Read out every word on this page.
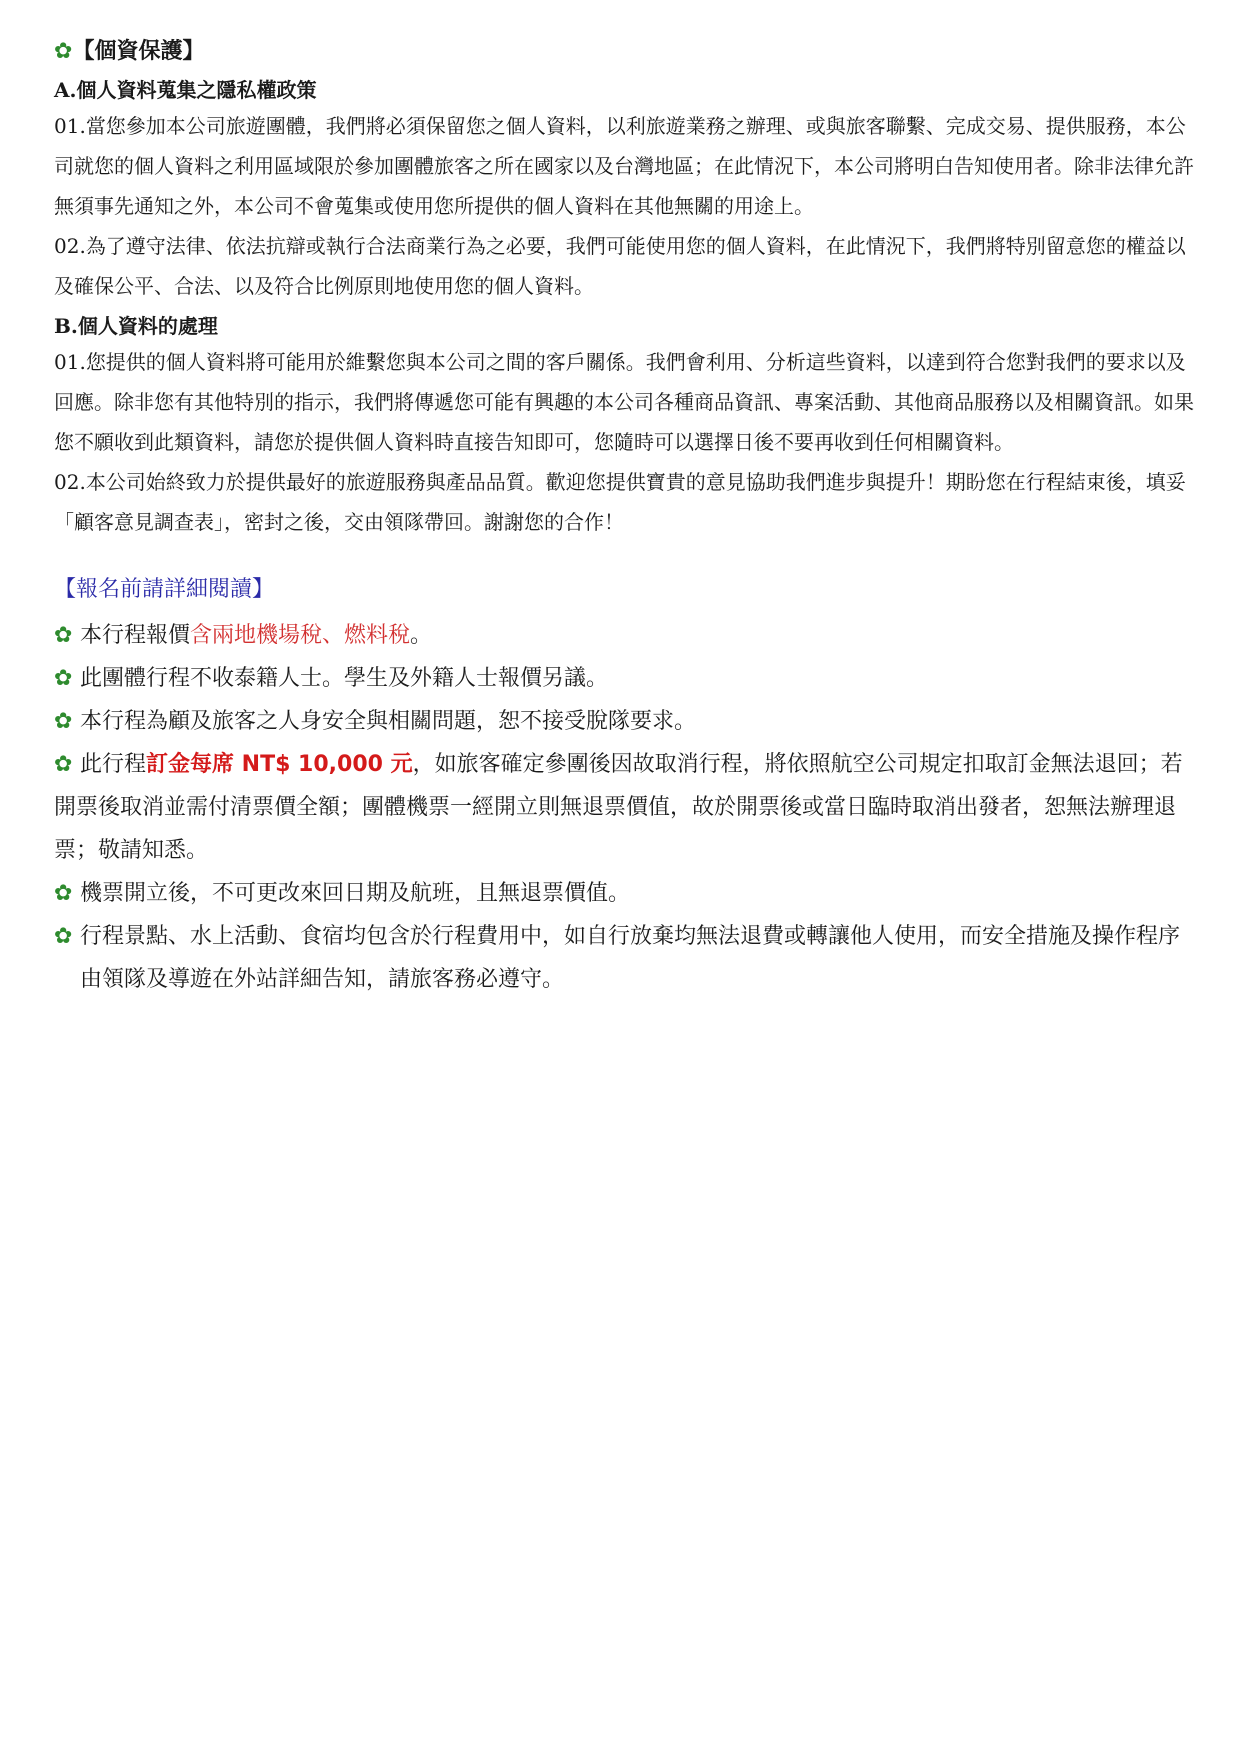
✿【個資保護】
A.個人資料蒐集之隱私權政策

01.當您參加本公司旅遊團體，我們將必須保留您之個人資料，以利旅遊業務之辦理、或與旅客聯繫、完成交易、提供服務，本公司就您的個人資料之利用區域限於參加團體旅客之所在國家以及台灣地區；在此情況下，本公司將明白告知使用者。除非法律允許無須事先通知之外，本公司不會蒐集或使用您所提供的個人資料在其他無關的用途上。

02.為了遵守法律、依法抗辯或執行合法商業行為之必要，我們可能使用您的個人資料，在此情況下，我們將特別留意您的權益以及確保公平、合法、以及符合比例原則地使用您的個人資料。

B.個人資料的處理

01.您提供的個人資料將可能用於維繫您與本公司之間的客戶關係。我們會利用、分析這些資料，以達到符合您對我們的要求以及回應。除非您有其他特別的指示，我們將傳遞您可能有興趣的本公司各種商品資訊、專案活動、其他商品服務以及相關資訊。如果您不願收到此類資料，請您於提供個人資料時直接告知即可，您隨時可以選擇日後不要再收到任何相關資料。

02.本公司始終致力於提供最好的旅遊服務與產品品質。歡迎您提供寶貴的意見協助我們進步與提升！期盼您在行程結束後，填妥「顧客意見調查表」，密封之後，交由領隊帶回。謝謝您的合作！

【報名前請詳細閱讀】

✿ 本行程報價含兩地機場稅、燃料稅。

✿ 此團體行程不收泰籍人士。學生及外籍人士報價另議。

✿ 本行程為顧及旅客之人身安全與相關問題，恕不接受脫隊要求。

✿ 此行程訂金每席 NT$ 10,000 元，如旅客確定參團後因故取消行程，將依照航空公司規定扣取訂金無法退回；若開票後取消並需付清票價全額；團體機票一經開立則無退票價值，故於開票後或當日臨時取消出發者，恕無法辦理退票；敬請知悉。

✿ 機票開立後，不可更改來回日期及航班，且無退票價值。

✿ 行程景點、水上活動、食宿均包含於行程費用中，如自行放棄均無法退費或轉讓他人使用，而安全措施及操作程序由領隊及導遊在外站詳細告知，請旅客務必遵守。
